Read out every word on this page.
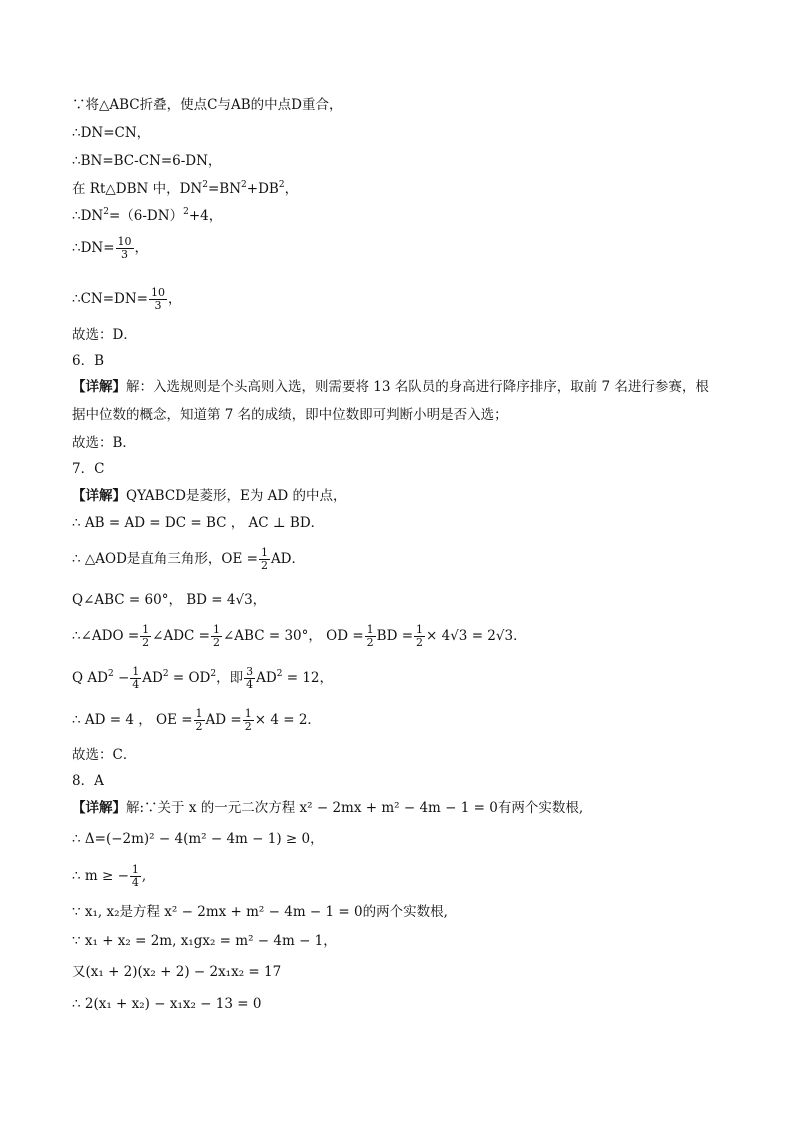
∵将△ABC折叠，使点C与AB的中点D重合，
∴DN=CN，
∴BN=BC-CN=6-DN，
在 Rt△DBN 中，$DN^2=BN^2+DB^2$，
$\therefore DN^2=(6-DN)^2+4$，
∴DN= $\frac{10}{3}$ ，
∴CN=DN= $\frac{10}{3}$ ，
故选：D．
6．B
【详解】解：入选规则是个头高则入选，则需要将 13 名队员的身高进行降序排序，取前 7 名进行参赛，根
据中位数的概念，知道第 7 名的成绩，即中位数即可判断小明是否入选；
故选：B．
7．C
【详解】QYABCD是菱形，E为 AD 的中点，
∴ AB = AD = DC = BC ， AC ⊥ BD．
∴ △AOD是直角三角形，OE = $\frac{1}{2}$ AD．
Q∠ABC = 60°， BD = 4√3，
∴∠ADO = $\frac{1}{2}$ ∠ADC = $\frac{1}{2}$ ∠ABC = 30°， OD = $\frac{1}{2}$ BD = $\frac{1}{2} \times 4√3 = 2√3$．
Q $AD^2 - \frac{1}{4} AD^2 = OD^2$，即 $\frac{3}{4} AD^2 = 12$，
∴ AD = 4 ， OE = $\frac{1}{2}$ AD = $\frac{1}{2} \times 4 = 2$．
故选：C．
8．A
【详解】解:∵关于 x 的一元二次方程 x² − 2mx + m² − 4m − 1 = 0有两个实数根,
∴ Δ=(−2m)² − 4(m² − 4m − 1) ≥ 0，
∴ m ≥ − $\frac{1}{4}$ ,
∵ x₁, x₂是方程 x² − 2mx + m² − 4m − 1 = 0的两个实数根,
∵ x₁ + x₂ = 2m, x₁gx₂ = m² − 4m − 1，
又(x₁ + 2)(x₂ + 2) − 2x₁x₂ = 17
∴ 2(x₁ + x₂) − x₁x₂ − 13 = 0
